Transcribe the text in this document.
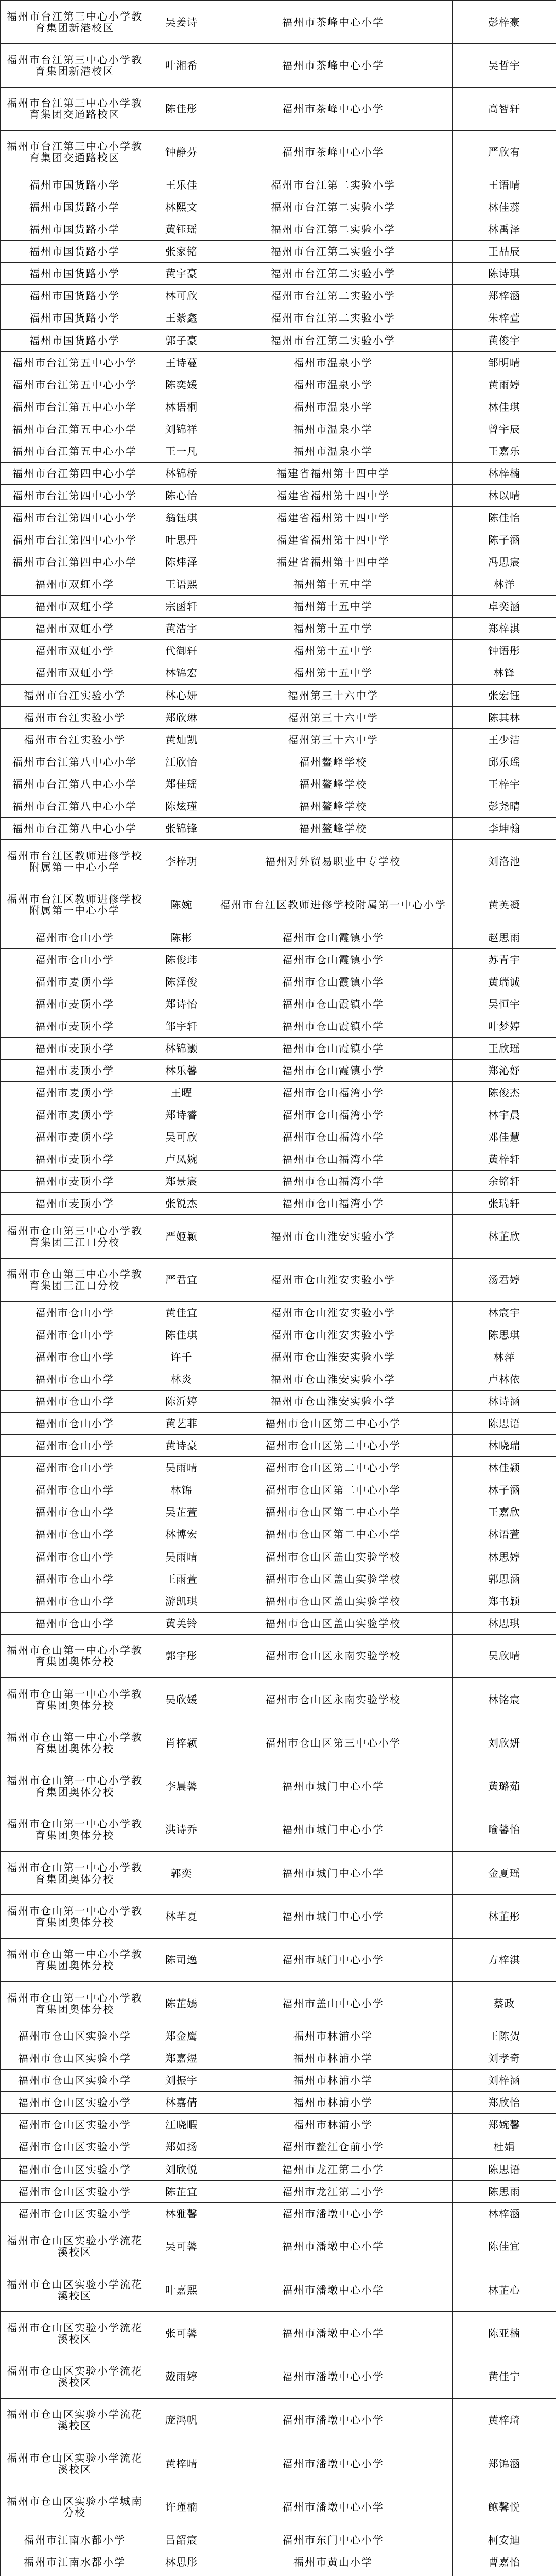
福州市台江第三中心小学教育集团新港校区	吴姜诗	福州市茶峰中心小学	彭梓豪
福州市台江第三中心小学教育集团新港校区	叶湘希	福州市茶峰中心小学	吴哲宇
福州市台江第三中心小学教育集团交通路校区	陈佳彤	福州市茶峰中心小学	高智轩
福州市台江第三中心小学教育集团交通路校区	钟静芬	福州市茶峰中心小学	严欣宥
福州市国货路小学	王乐佳	福州市台江第二实验小学	王语晴
福州市国货路小学	林熙文	福州市台江第二实验小学	林佳蕊
福州市国货路小学	黄钰瑶	福州市台江第二实验小学	林禹泽
福州市国货路小学	张家铭	福州市台江第二实验小学	王品辰
福州市国货路小学	黄宇豪	福州市台江第二实验小学	陈诗琪
福州市国货路小学	林可欣	福州市台江第二实验小学	郑梓涵
福州市国货路小学	王紫鑫	福州市台江第二实验小学	朱梓萱
福州市国货路小学	郭子豪	福州市台江第二实验小学	黄俊宇
福州市台江第五中心小学	王诗蔓	福州市温泉小学	邹明晴
福州市台江第五中心小学	陈奕媛	福州市温泉小学	黄雨婷
福州市台江第五中心小学	林语桐	福州市温泉小学	林佳琪
福州市台江第五中心小学	刘锦祥	福州市温泉小学	曾宇辰
福州市台江第五中心小学	王一凡	福州市温泉小学	王嘉乐
福州市台江第四中心小学	林锦桥	福建省福州第十四中学	林梓楠
福州市台江第四中心小学	陈心怡	福建省福州第十四中学	林以晴
福州市台江第四中心小学	翁钰琪	福建省福州第十四中学	陈佳怡
福州市台江第四中心小学	叶思丹	福建省福州第十四中学	陈子涵
福州市台江第四中心小学	陈炜泽	福建省福州第十四中学	冯思宸
福州市双虹小学	王语熙	福州第十五中学	林洋
福州市双虹小学	宗函轩	福州第十五中学	卓奕涵
福州市双虹小学	黄浩宇	福州第十五中学	郑梓淇
福州市双虹小学	代御轩	福州第十五中学	钟语彤
福州市双虹小学	林锦宏	福州第十五中学	林锋
福州市台江实验小学	林心妍	福州第三十六中学	张宏钰
福州市台江实验小学	郑欣琳	福州第三十六中学	陈其林
福州市台江实验小学	黄灿凯	福州第三十六中学	王少洁
福州市台江第八中心小学	江欣怡	福州鳌峰学校	邱乐瑶
福州市台江第八中心小学	郑佳瑶	福州鳌峰学校	王梓宇
福州市台江第八中心小学	陈炫瑾	福州鳌峰学校	彭尧晴
福州市台江第八中心小学	张锦锋	福州鳌峰学校	李坤翰
福州市台江区教师进修学校附属第一中心小学	李梓玥	福州对外贸易职业中专学校	刘洛池
福州市台江区教师进修学校附属第一中心小学	陈婉	福州市台江区教师进修学校附属第一中心小学	黄英凝
福州市仓山小学	陈彬	福州市仓山霞镇小学	赵思雨
福州市仓山小学	陈俊玮	福州市仓山霞镇小学	苏青宇
福州市麦顶小学	陈泽俊	福州市仓山霞镇小学	黄瑞诚
福州市麦顶小学	郑诗怡	福州市仓山霞镇小学	吴恒宇
福州市麦顶小学	邹宇轩	福州市仓山霞镇小学	叶梦婷
福州市麦顶小学	林锦灏	福州市仓山霞镇小学	王欣瑶
福州市麦顶小学	林乐馨	福州市仓山霞镇小学	郑沁妤
福州市麦顶小学	王曜	福州市仓山福湾小学	陈俊杰
福州市麦顶小学	郑诗睿	福州市仓山福湾小学	林宇晨
福州市麦顶小学	吴可欣	福州市仓山福湾小学	邓佳慧
福州市麦顶小学	卢凤婉	福州市仓山福湾小学	黄梓轩
福州市麦顶小学	郑景宸	福州市仓山福湾小学	余铭轩
福州市麦顶小学	张锐杰	福州市仓山福湾小学	张瑞轩
福州市仓山第三中心小学教育集团三江口分校	严姬颖	福州市仓山淮安实验小学	林芷欣
福州市仓山第三中心小学教育集团三江口分校	严君宜	福州市仓山淮安实验小学	汤君婷
福州市仓山小学	黄佳宜	福州市仓山淮安实验小学	林宸宇
福州市仓山小学	陈佳琪	福州市仓山淮安实验小学	陈思琪
福州市仓山小学	许千	福州市仓山淮安实验小学	林萍
福州市仓山小学	林炎	福州市仓山淮安实验小学	卢林依
福州市仓山小学	陈沂婷	福州市仓山淮安实验小学	林诗涵
福州市仓山小学	黄艺菲	福州市仓山区第二中心小学	陈思语
福州市仓山小学	黄诗豪	福州市仓山区第二中心小学	林晓瑞
福州市仓山小学	吴雨晴	福州市仓山区第二中心小学	林佳颖
福州市仓山小学	林锦	福州市仓山区第二中心小学	林子涵
福州市仓山小学	吴芷萱	福州市仓山区第二中心小学	王嘉欣
福州市仓山小学	林博宏	福州市仓山区第二中心小学	林语萱
福州市仓山小学	吴雨晴	福州市仓山区盖山实验学校	林思婷
福州市仓山小学	王雨萱	福州市仓山区盖山实验学校	郭思涵
福州市仓山小学	游凯琪	福州市仓山区盖山实验学校	郑书颖
福州市仓山小学	黄美铃	福州市仓山区盖山实验学校	林思琪
福州市仓山第一中心小学教育集团奥体分校	郭宇彤	福州市仓山区永南实验学校	吴欣晴
福州市仓山第一中心小学教育集团奥体分校	吴欣媛	福州市仓山区永南实验学校	林铭宸
福州市仓山第一中心小学教育集团奥体分校	肖梓颖	福州市仓山区第三中心小学	刘欣妍
福州市仓山第一中心小学教育集团奥体分校	李晨馨	福州市城门中心小学	黄璐茹
福州市仓山第一中心小学教育集团奥体分校	洪诗乔	福州市城门中心小学	喻馨怡
福州市仓山第一中心小学教育集团奥体分校	郭奕	福州市城门中心小学	金夏瑶
福州市仓山第一中心小学教育集团奥体分校	林芊夏	福州市城门中心小学	林芷彤
福州市仓山第一中心小学教育集团奥体分校	陈司逸	福州市城门中心小学	方梓淇
福州市仓山第一中心小学教育集团奥体分校	陈芷嫣	福州市盖山中心小学	蔡政
福州市仓山区实验小学	郑金鹰	福州市林浦小学	王陈贺
福州市仓山区实验小学	郑嘉煜	福州市林浦小学	刘孝奇
福州市仓山区实验小学	刘振宇	福州市林浦小学	刘梓涵
福州市仓山区实验小学	林嘉倩	福州市林浦小学	郑欣怡
福州市仓山区实验小学	江晓暇	福州市林浦小学	郑婉馨
福州市仓山区实验小学	郑如扬	福州市鳌江仓前小学	杜娟
福州市仓山区实验小学	刘欣悦	福州市龙江第二小学	陈思语
福州市仓山区实验小学	陈芷宜	福州市龙江第二小学	陈思雨
福州市仓山区实验小学	林雅馨	福州市潘墩中心小学	林梓涵
福州市仓山区实验小学流花溪校区	吴可馨	福州市潘墩中心小学	陈佳宜
福州市仓山区实验小学流花溪校区	叶嘉熙	福州市潘墩中心小学	林芷心
福州市仓山区实验小学流花溪校区	张可馨	福州市潘墩中心小学	陈亚楠
福州市仓山区实验小学流花溪校区	戴雨婷	福州市潘墩中心小学	黄佳宁
福州市仓山区实验小学流花溪校区	庞鸿帆	福州市潘墩中心小学	黄梓琦
福州市仓山区实验小学流花溪校区	黄梓晴	福州市潘墩中心小学	郑锦涵
福州市仓山区实验小学城南分校	许瑾楠	福州市潘墩中心小学	鲍馨悦
福州市江南水都小学	吕韶宸	福州市东门中心小学	柯安迪
福州市江南水都小学	林思彤	福州市黄山小学	曹嘉怡
